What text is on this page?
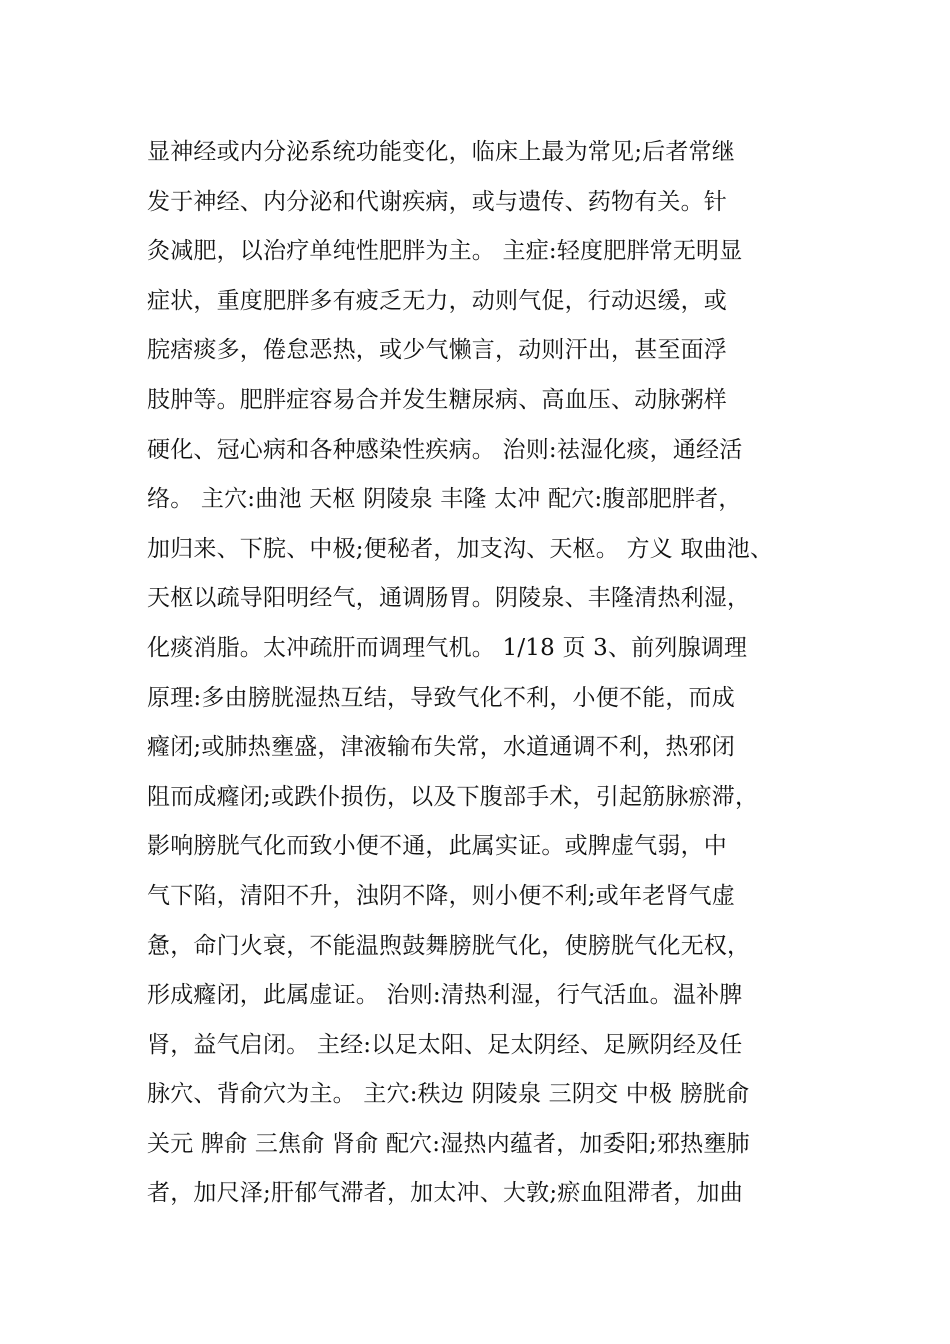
显神经或内分泌系统功能变化，临床上最为常见;后者常继
发于神经、内分泌和代谢疾病，或与遗传、药物有关。针
灸减肥，以治疗单纯性肥胖为主。 主症:轻度肥胖常无明显
症状，重度肥胖多有疲乏无力，动则气促，行动迟缓，或
脘痞痰多，倦怠恶热，或少气懒言，动则汗出，甚至面浮
肢肿等。肥胖症容易合并发生糖尿病、高血压、动脉粥样
硬化、冠心病和各种感染性疾病。 治则:祛湿化痰，通经活
络。 主穴:曲池 天枢 阴陵泉 丰隆 太冲 配穴:腹部肥胖者，
加归来、下脘、中极;便秘者，加支沟、天枢。 方义 取曲池、
天枢以疏导阳明经气，通调肠胃。阴陵泉、丰隆清热利湿，
化痰消脂。太冲疏肝而调理气机。 1/18 页 3、前列腺调理
原理:多由膀胱湿热互结，导致气化不利，小便不能，而成
癃闭;或肺热壅盛，津液输布失常，水道通调不利，热邪闭
阻而成癃闭;或跌仆损伤，以及下腹部手术，引起筋脉瘀滞，
影响膀胱气化而致小便不通，此属实证。或脾虚气弱，中
气下陷，清阳不升，浊阴不降，则小便不利;或年老肾气虚
惫，命门火衰，不能温煦鼓舞膀胱气化，使膀胱气化无权，
形成癃闭，此属虚证。 治则:清热利湿，行气活血。温补脾
肾，益气启闭。 主经:以足太阳、足太阴经、足厥阴经及任
脉穴、背俞穴为主。 主穴:秩边 阴陵泉 三阴交 中极 膀胱俞
关元 脾俞 三焦俞 肾俞 配穴:湿热内蕴者，加委阳;邪热壅肺
者，加尺泽;肝郁气滞者，加太冲、大敦;瘀血阻滞者，加曲
